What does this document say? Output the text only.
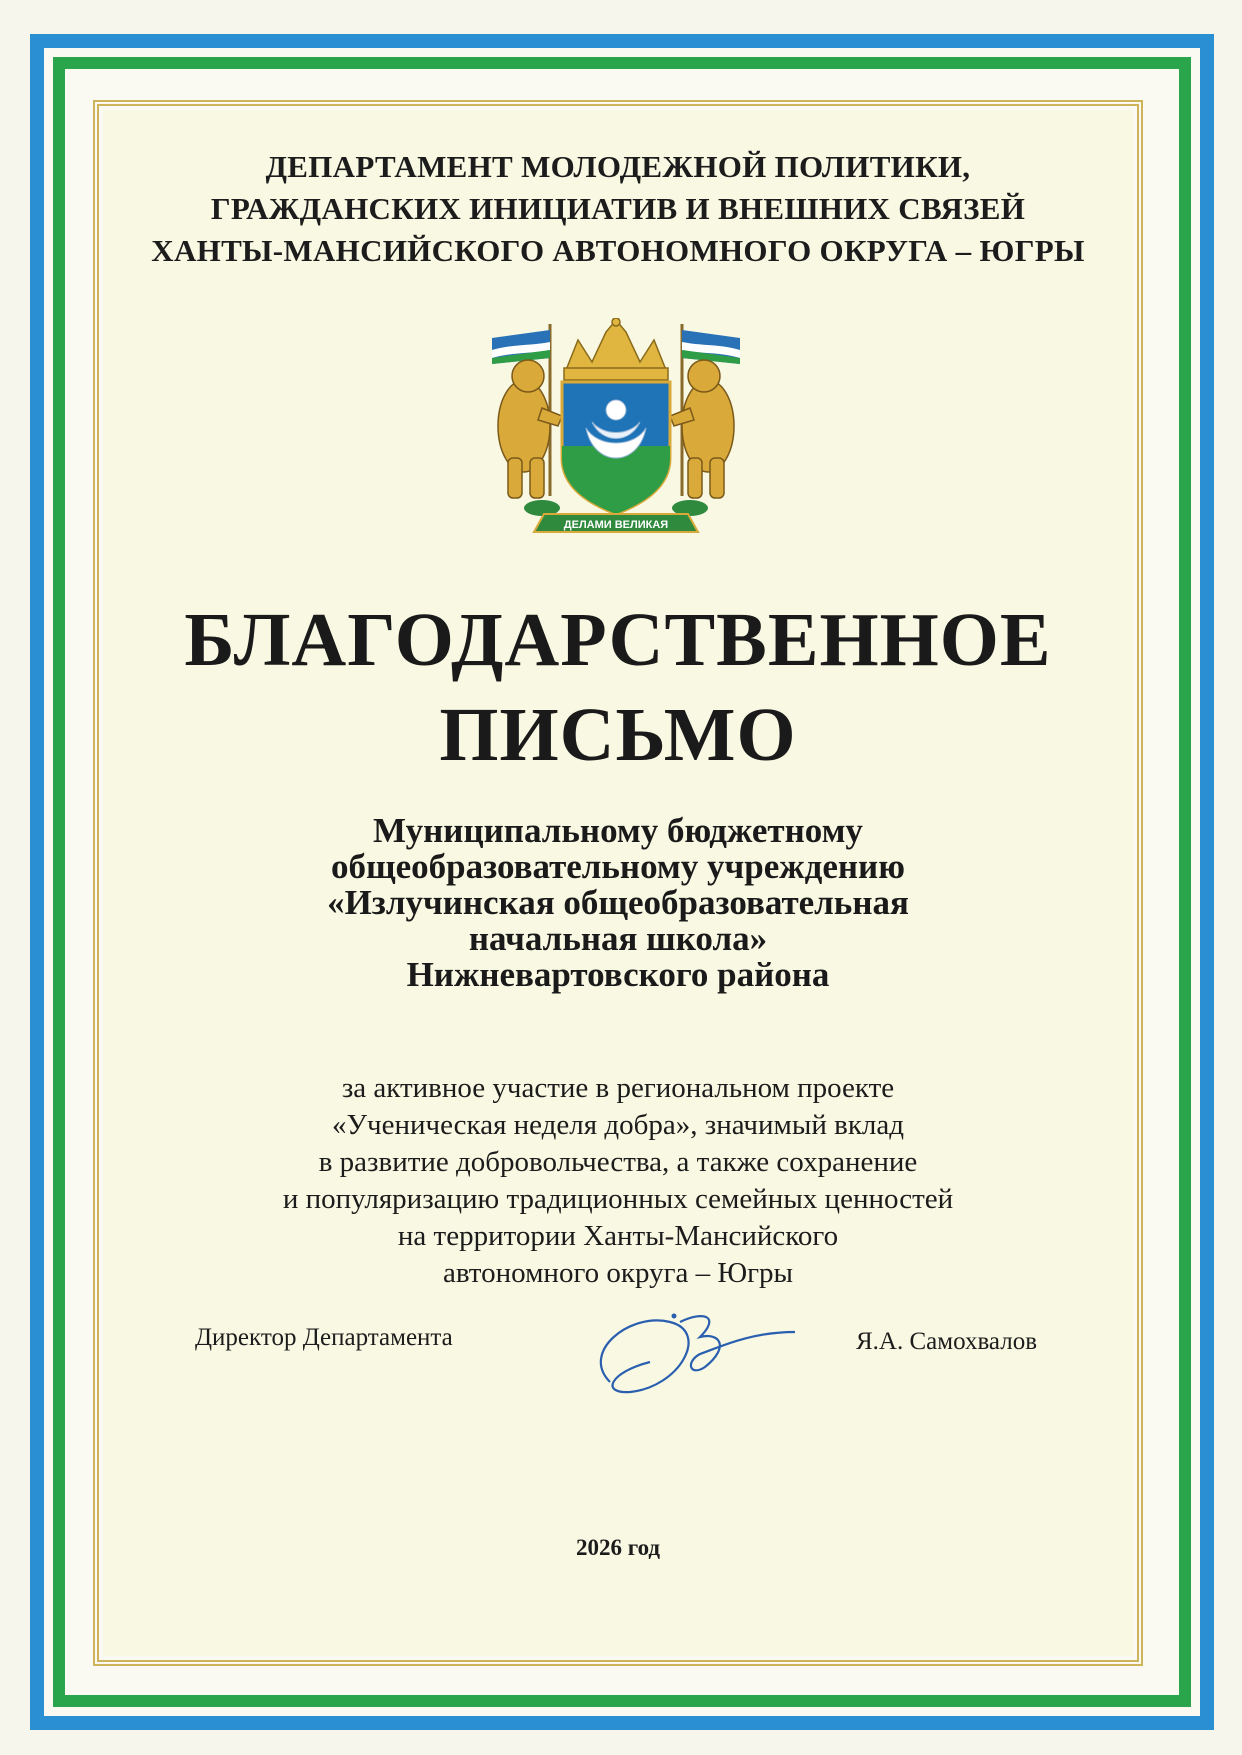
ДЕПАРТАМЕНТ МОЛОДЕЖНОЙ ПОЛИТИКИ,
ГРАЖДАНСКИХ ИНИЦИАТИВ И ВНЕШНИХ СВЯЗЕЙ
ХАНТЫ-МАНСИЙСКОГО АВТОНОМНОГО ОКРУГА – ЮГРЫ
ДЕЛАМИ ВЕЛИКАЯ
БЛАГОДАРСТВЕННОЕ
ПИСЬМО
Муниципальному бюджетному
общеобразовательному учреждению
«Излучинская общеобразовательная
начальная школа»
Нижневартовского района
за активное участие в региональном проекте
«Ученическая неделя добра», значимый вклад
в развитие добровольчества, а также сохранение
и популяризацию традиционных семейных ценностей
на территории Ханты-Мансийского
автономного округа – Югры
Директор Департамента	Я.А. Самохвалов
2026 год
